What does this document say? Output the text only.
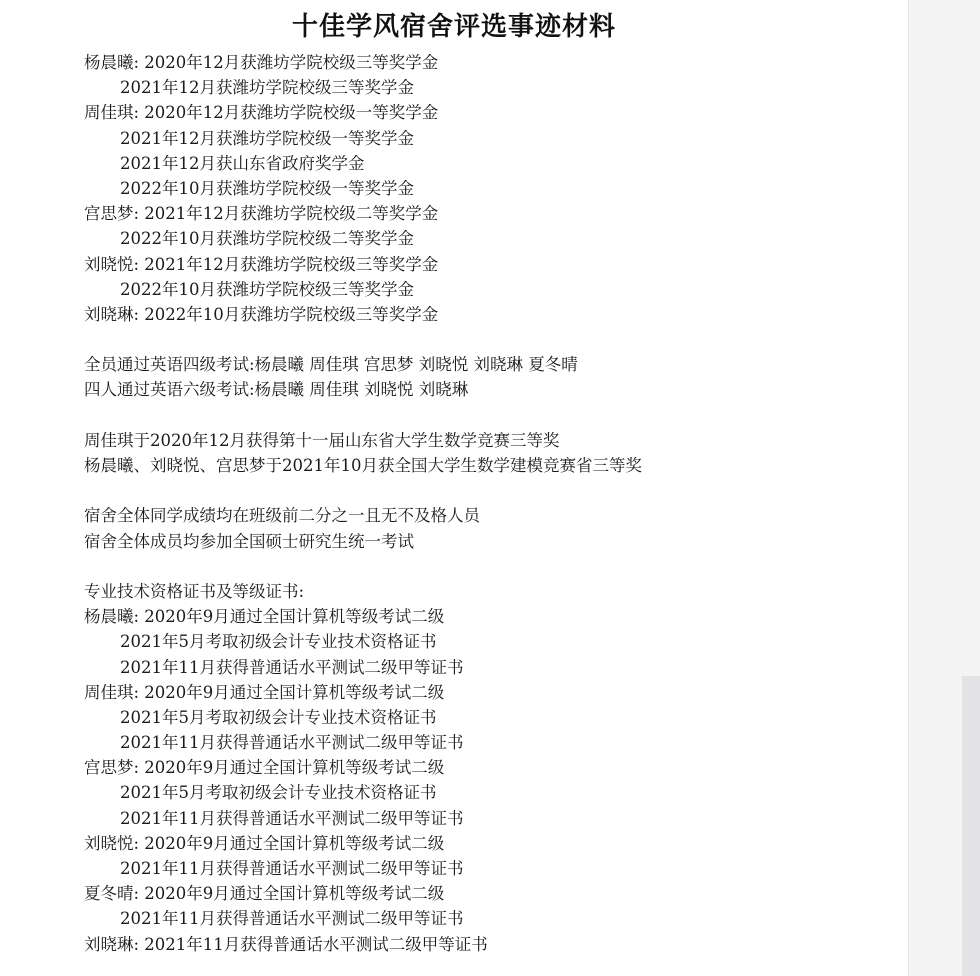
十佳学风宿舍评选事迹材料
杨晨曦: 2020年12月获潍坊学院校级三等奖学金
2021年12月获潍坊学院校级三等奖学金
周佳琪: 2020年12月获潍坊学院校级一等奖学金
2021年12月获潍坊学院校级一等奖学金
2021年12月获山东省政府奖学金
2022年10月获潍坊学院校级一等奖学金
宫思梦: 2021年12月获潍坊学院校级二等奖学金
2022年10月获潍坊学院校级二等奖学金
刘晓悦: 2021年12月获潍坊学院校级三等奖学金
2022年10月获潍坊学院校级三等奖学金
刘晓琳: 2022年10月获潍坊学院校级三等奖学金
全员通过英语四级考试:杨晨曦 周佳琪 宫思梦 刘晓悦 刘晓琳 夏冬晴
四人通过英语六级考试:杨晨曦 周佳琪 刘晓悦 刘晓琳
周佳琪于2020年12月获得第十一届山东省大学生数学竞赛三等奖
杨晨曦、刘晓悦、宫思梦于2021年10月获全国大学生数学建模竞赛省三等奖
宿舍全体同学成绩均在班级前二分之一且无不及格人员
宿舍全体成员均参加全国硕士研究生统一考试
专业技术资格证书及等级证书:
杨晨曦: 2020年9月通过全国计算机等级考试二级
2021年5月考取初级会计专业技术资格证书
2021年11月获得普通话水平测试二级甲等证书
周佳琪: 2020年9月通过全国计算机等级考试二级
2021年5月考取初级会计专业技术资格证书
2021年11月获得普通话水平测试二级甲等证书
宫思梦: 2020年9月通过全国计算机等级考试二级
2021年5月考取初级会计专业技术资格证书
2021年11月获得普通话水平测试二级甲等证书
刘晓悦: 2020年9月通过全国计算机等级考试二级
2021年11月获得普通话水平测试二级甲等证书
夏冬晴: 2020年9月通过全国计算机等级考试二级
2021年11月获得普通话水平测试二级甲等证书
刘晓琳: 2021年11月获得普通话水平测试二级甲等证书
